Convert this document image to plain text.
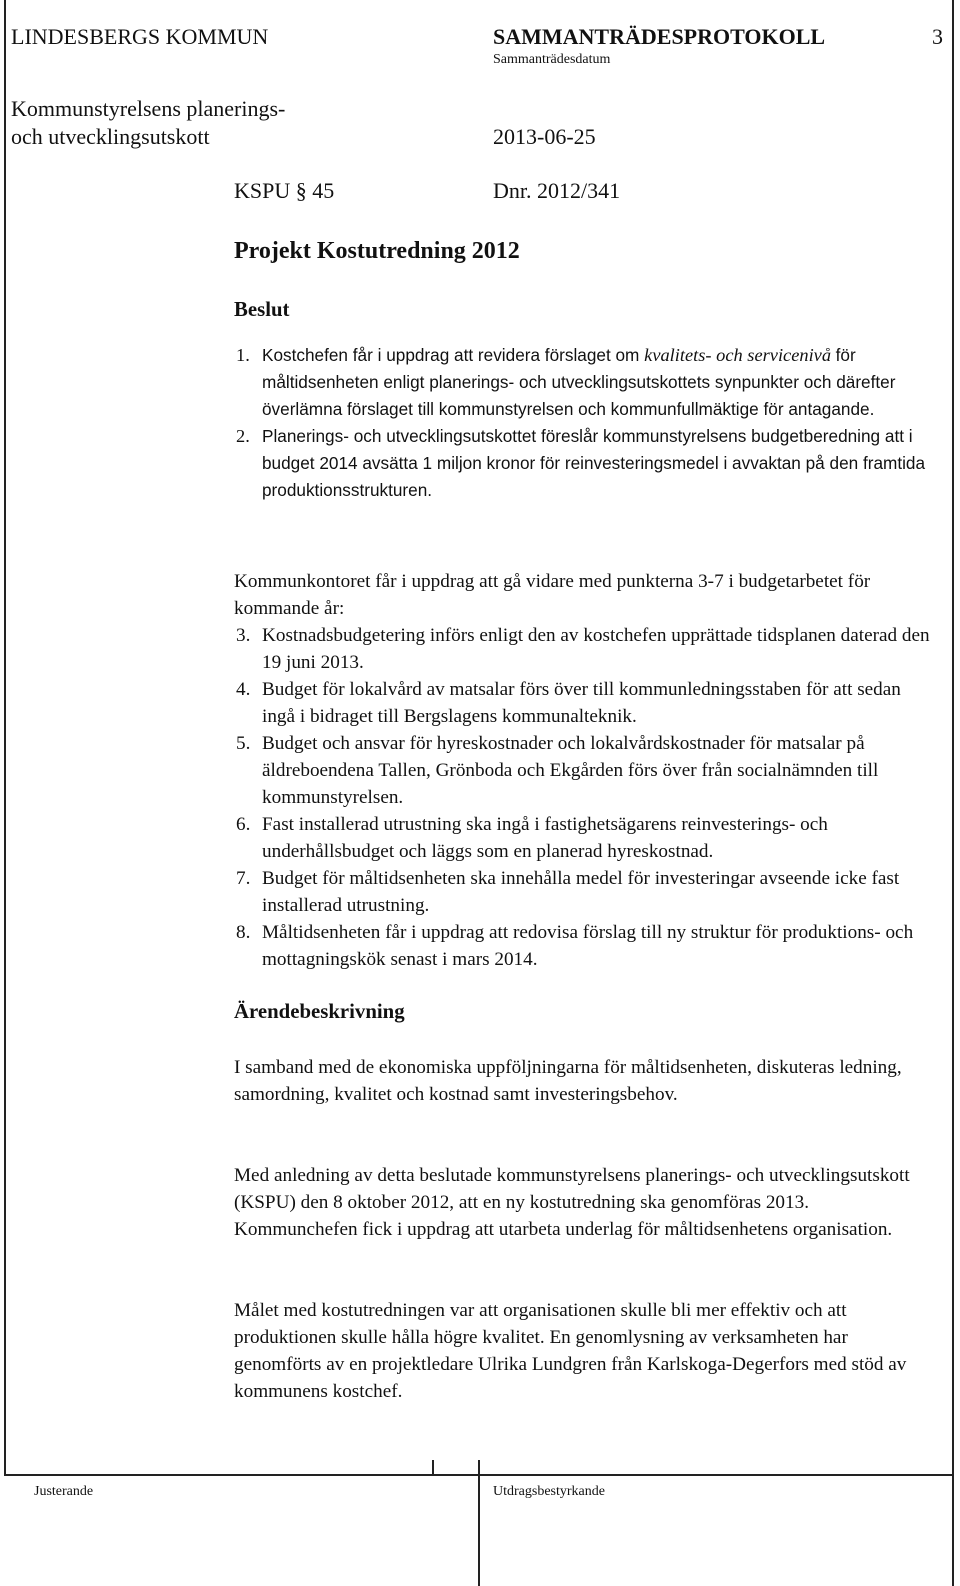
LINDESBERGS KOMMUN	SAMMANTRÄDESPROTOKOLL	3
Sammanträdesdatum
Kommunstyrelsens planerings-
och utvecklingsutskott	2013-06-25
KSPU § 45	Dnr. 2012/341
Projekt Kostutredning 2012
Beslut
1. Kostchefen får i uppdrag att revidera förslaget om kvalitets- och servicenivå för måltidsenheten enligt planerings- och utvecklingsutskottets synpunkter och därefter överlämna förslaget till kommunstyrelsen och kommunfullmäktige för antagande.
2. Planerings- och utvecklingsutskottet föreslår kommunstyrelsens budgetberedning att i budget 2014 avsätta 1 miljon kronor för reinvesteringsmedel i avvaktan på den framtida produktionsstrukturen.
Kommunkontoret får i uppdrag att gå vidare med punkterna 3-7 i budgetarbetet för kommande år:
3. Kostnadsbudgetering införs enligt den av kostchefen upprättade tidsplanen daterad den 19 juni 2013.
4. Budget för lokalvård av matsalar förs över till kommunledningsstaben för att sedan ingå i bidraget till Bergslagens kommunalteknik.
5. Budget och ansvar för hyreskostnader och lokalvårdskostnader för matsalar på äldreboendena Tallen, Grönboda och Ekgården förs över från socialnämnden till kommunstyrelsen.
6. Fast installerad utrustning ska ingå i fastighetsägarens reinvesterings- och underhållsbudget och läggs som en planerad hyreskostnad.
7. Budget för måltidsenheten ska innehålla medel för investeringar avseende icke fast installerad utrustning.
8. Måltidsenheten får i uppdrag att redovisa förslag till ny struktur för produktions- och mottagningskök senast i mars 2014.
Ärendebeskrivning
I samband med de ekonomiska uppföljningarna för måltidsenheten, diskuteras ledning, samordning, kvalitet och kostnad samt investeringsbehov.
Med anledning av detta beslutade kommunstyrelsens planerings- och utvecklingsutskott (KSPU) den 8 oktober 2012, att en ny kostutredning ska genomföras 2013. Kommunchefen fick i uppdrag att utarbeta underlag för måltidsenhetens organisation.
Målet med kostutredningen var att organisationen skulle bli mer effektiv och att produktionen skulle hålla högre kvalitet. En genomlysning av verksamheten har genomförts av en projektledare Ulrika Lundgren från Karlskoga-Degerfors med stöd av kommunens kostchef.
Justerande	Utdragsbestyrkande
